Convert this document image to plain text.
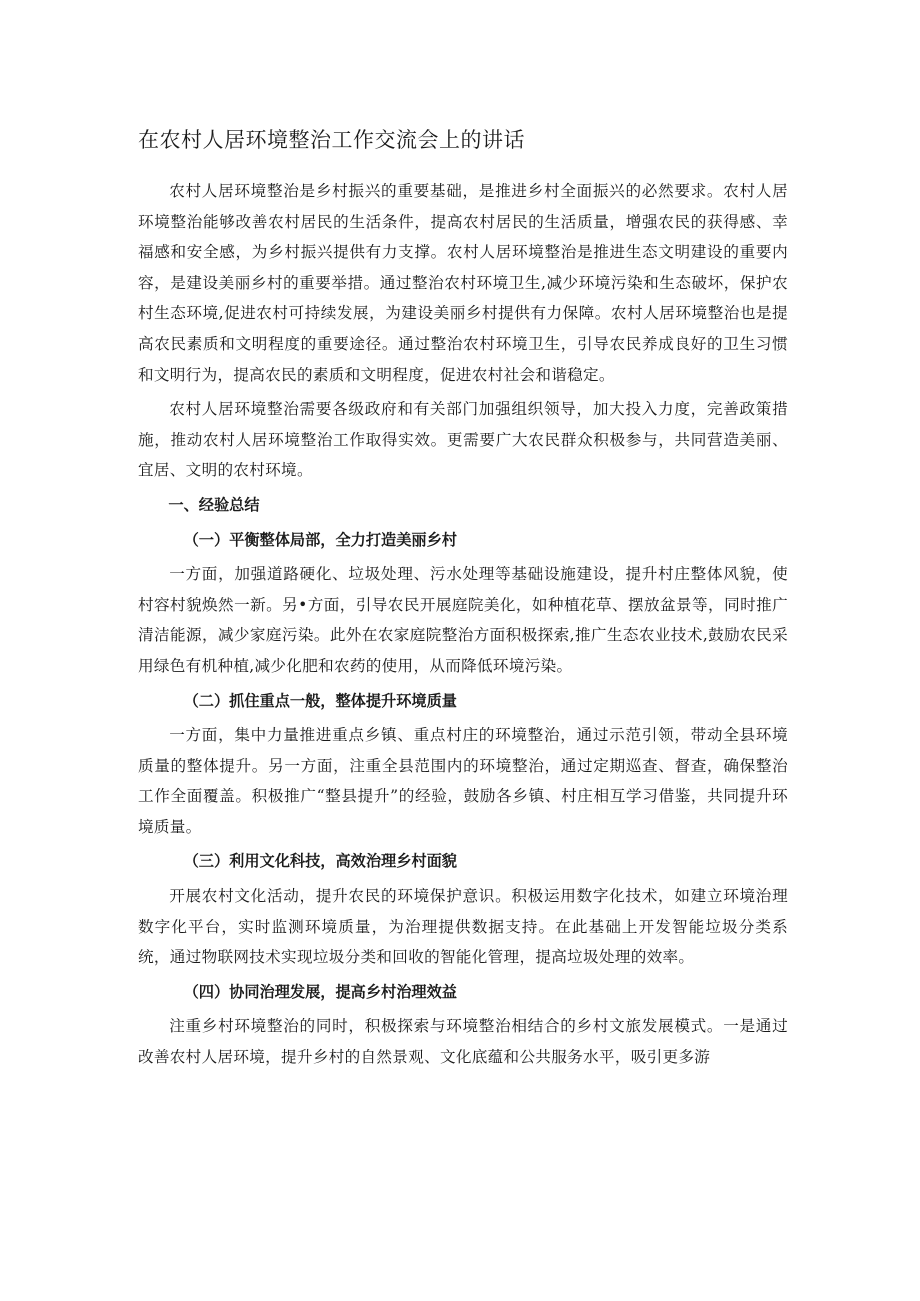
在农村人居环境整治工作交流会上的讲话

农村人居环境整治是乡村振兴的重要基础，是推进乡村全面振兴的必然要求。农村人居环境整治能够改善农村居民的生活条件，提高农村居民的生活质量，增强农民的获得感、幸福感和安全感，为乡村振兴提供有力支撑。农村人居环境整治是推进生态文明建设的重要内容，是建设美丽乡村的重要举措。通过整治农村环境卫生,减少环境污染和生态破坏，保护农村生态环境,促进农村可持续发展，为建设美丽乡村提供有力保障。农村人居环境整治也是提高农民素质和文明程度的重要途径。通过整治农村环境卫生，引导农民养成良好的卫生习惯和文明行为，提高农民的素质和文明程度，促进农村社会和谐稳定。

农村人居环境整治需要各级政府和有关部门加强组织领导，加大投入力度，完善政策措施，推动农村人居环境整治工作取得实效。更需要广大农民群众积极参与，共同营造美丽、宜居、文明的农村环境。

一、经验总结
（一）平衡整体局部，全力打造美丽乡村

一方面，加强道路硬化、垃圾处理、污水处理等基础设施建设，提升村庄整体风貌，使村容村貌焕然一新。另•方面，引导农民开展庭院美化，如种植花草、摆放盆景等，同时推广清洁能源，减少家庭污染。此外在农家庭院整治方面积极探索,推广生态农业技术,鼓励农民采用绿色有机种植,减少化肥和农药的使用，从而降低环境污染。

（二）抓住重点一般，整体提升环境质量

一方面，集中力量推进重点乡镇、重点村庄的环境整治，通过示范引领，带动全县环境质量的整体提升。另一方面，注重全县范围内的环境整治，通过定期巡查、督查，确保整治工作全面覆盖。积极推广“整县提升”的经验，鼓励各乡镇、村庄相互学习借鉴，共同提升环境质量。

（三）利用文化科技，高效治理乡村面貌

开展农村文化活动，提升农民的环境保护意识。积极运用数字化技术，如建立环境治理数字化平台，实时监测环境质量，为治理提供数据支持。在此基础上开发智能垃圾分类系统，通过物联网技术实现垃圾分类和回收的智能化管理，提高垃圾处理的效率。

（四）协同治理发展，提高乡村治理效益

注重乡村环境整治的同时，积极探索与环境整治相结合的乡村文旅发展模式。一是通过改善农村人居环境，提升乡村的自然景观、文化底蕴和公共服务水平，吸引更多游
